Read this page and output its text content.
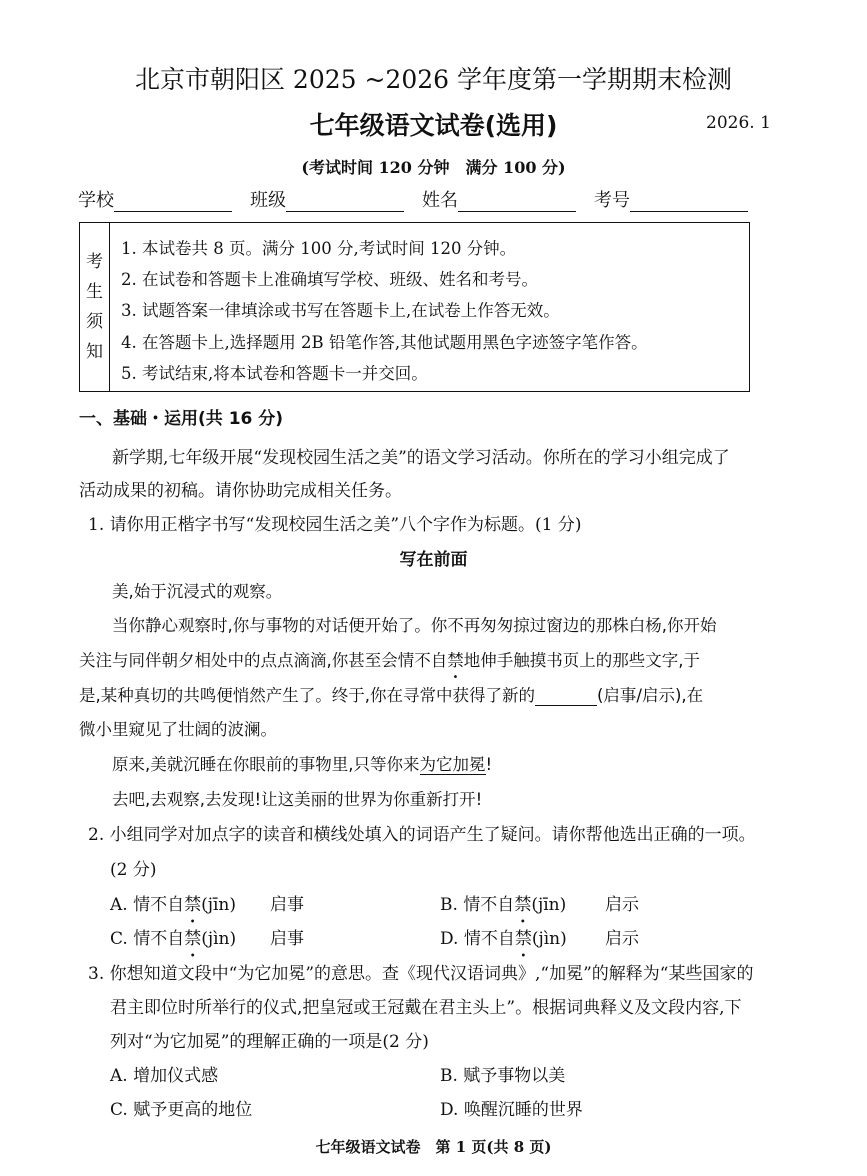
北京市朝阳区 2025 ~2026 学年度第一学期期末检测
七年级语文试卷(选用)	2026. 1
(考试时间 120 分钟　满分 100 分)
学校	班级	姓名	考号
考
生
须
知
1. 本试卷共 8 页。满分 100 分,考试时间 120 分钟。
2. 在试卷和答题卡上准确填写学校、班级、姓名和考号。
3. 试题答案一律填涂或书写在答题卡上,在试卷上作答无效。
4. 在答题卡上,选择题用 2B 铅笔作答,其他试题用黑色字迹签字笔作答。
5. 考试结束,将本试卷和答题卡一并交回。
一、基础・运用(共 16 分)
新学期,七年级开展“发现校园生活之美”的语文学习活动。你所在的学习小组完成了
活动成果的初稿。请你协助完成相关任务。
1. 请你用正楷字书写“发现校园生活之美”八个字作为标题。(1 分)
写在前面
美,始于沉浸式的观察。
当你静心观察时,你与事物的对话便开始了。你不再匆匆掠过窗边的那株白杨,你开始
关注与同伴朝夕相处中的点点滴滴,你甚至会情不自禁地伸手触摸书页上的那些文字,于
是,某种真切的共鸣便悄然产生了。终于,你在寻常中获得了新的	(启事/启示),在
微小里窥见了壮阔的波澜。
原来,美就沉睡在你眼前的事物里,只等你来为它加冕!
去吧,去观察,去发现!让这美丽的世界为你重新打开!
2. 小组同学对加点字的读音和横线处填入的词语产生了疑问。请你帮他选出正确的一项。
(2 分)
A. 情不自禁(jīn) 启事	B. 情不自禁(jīn) 启示
C. 情不自禁(jìn) 启事	D. 情不自禁(jìn) 启示
3. 你想知道文段中“为它加冕”的意思。查《现代汉语词典》,“加冕”的解释为“某些国家的
君主即位时所举行的仪式,把皇冠或王冠戴在君主头上”。根据词典释义及文段内容,下
列对“为它加冕”的理解正确的一项是(2 分)
A. 增加仪式感	B. 赋予事物以美
C. 赋予更高的地位	D. 唤醒沉睡的世界
七年级语文试卷　第 1 页(共 8 页)
